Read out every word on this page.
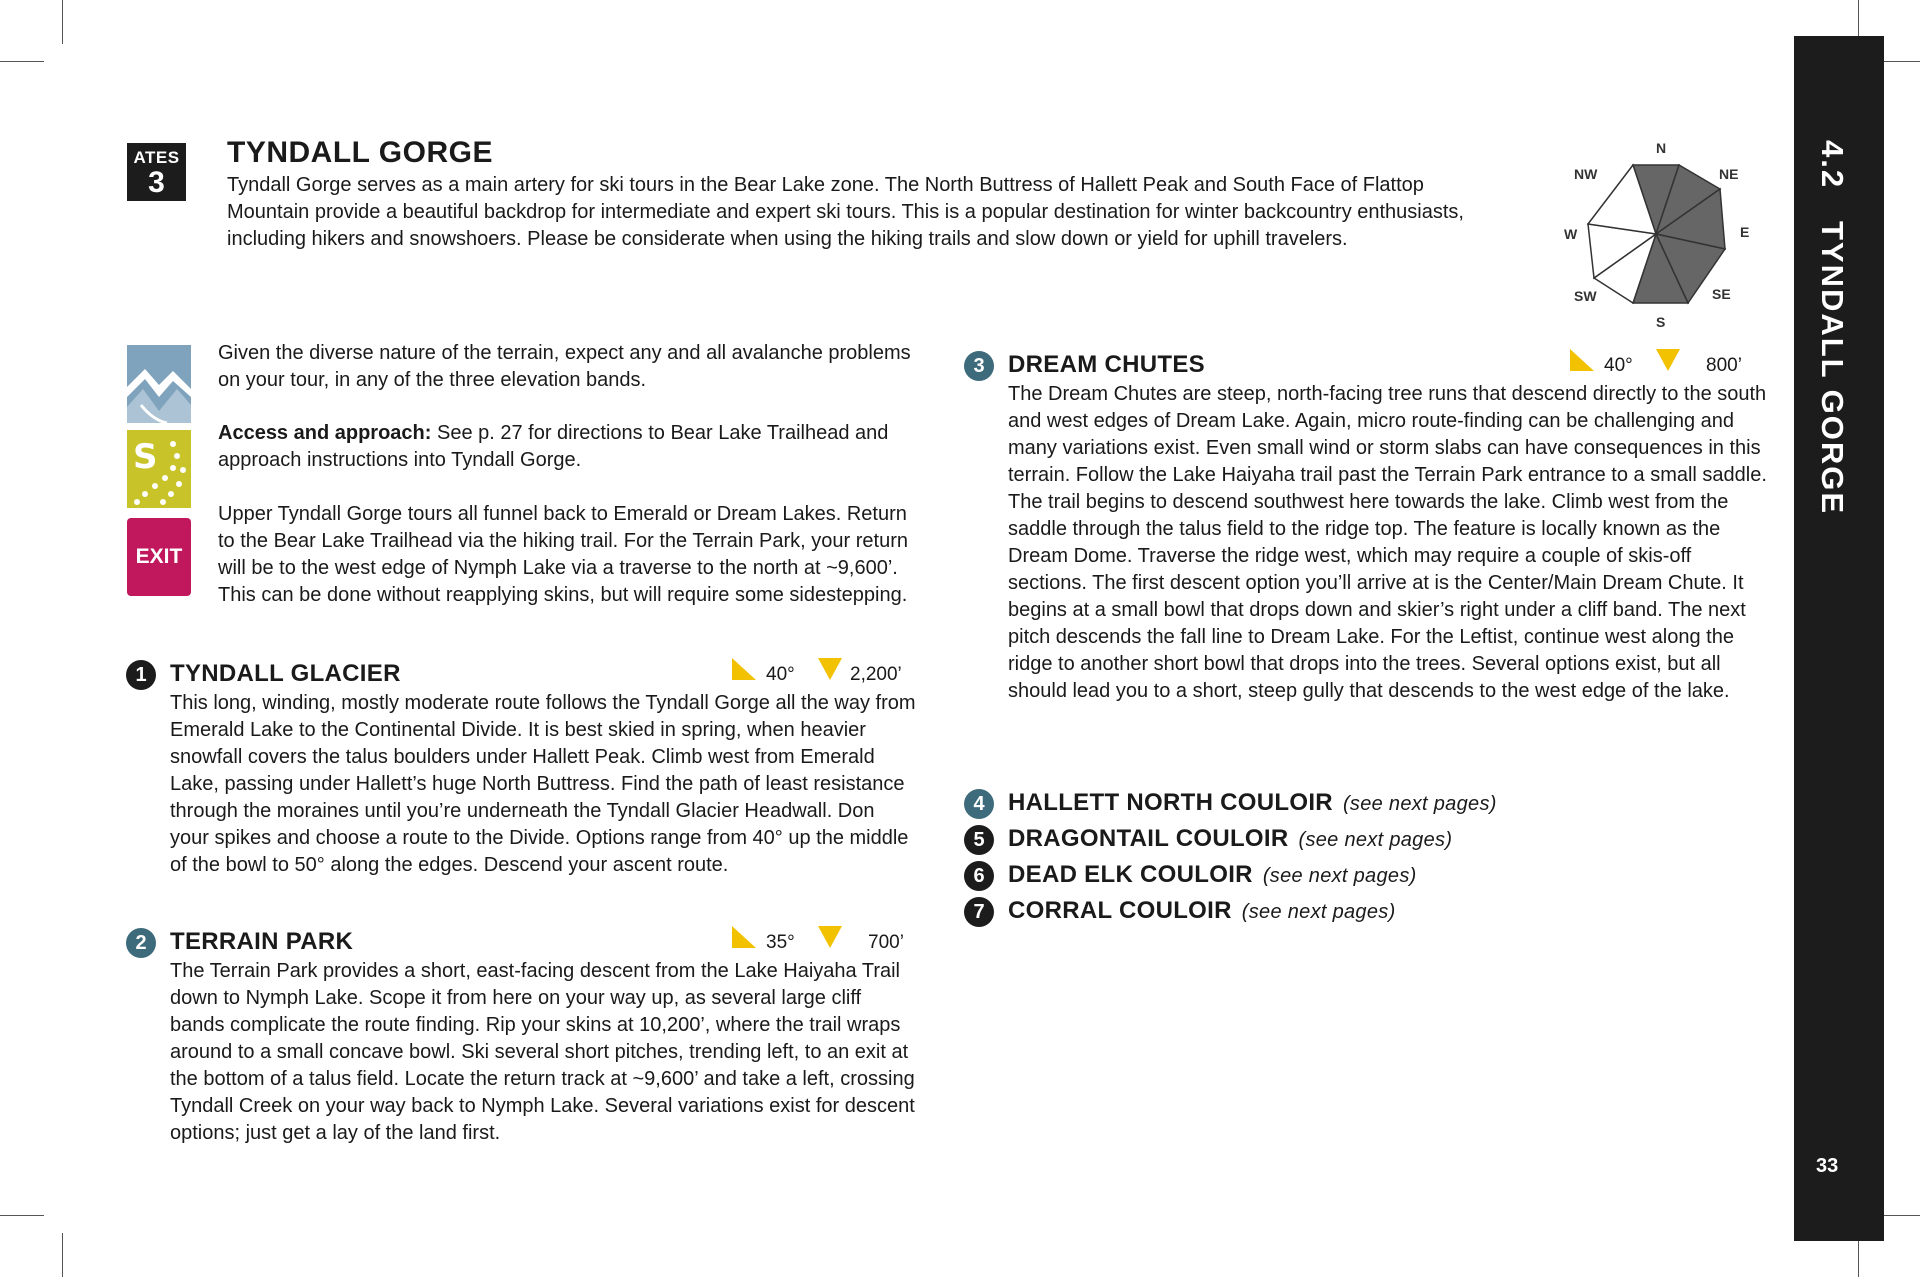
ATES
3
TYNDALL GORGE
Tyndall Gorge serves as a main artery for ski tours in the Bear Lake zone. The North Buttress of Hallett Peak and South Face of Flattop Mountain provide a beautiful backdrop for intermediate and expert ski tours. This is a popular destination for winter backcountry enthusiasts, including hikers and snowshoers. Please be considerate when using the hiking trails and slow down or yield for uphill travelers.
N
NE
E
SE
S
SW
W
NW
S
EXIT
Given the diverse nature of the terrain, expect any and all avalanche problems on your tour, in any of the three elevation bands.
Access and approach: See p. 27 for directions to Bear Lake Trailhead and approach instructions into Tyndall Gorge.
Upper Tyndall Gorge tours all funnel back to Emerald or Dream Lakes. Return to the Bear Lake Trailhead via the hiking trail. For the Terrain Park, your return will be to the west edge of Nymph Lake via a traverse to the north at ~9,600’. This can be done without reapplying skins, but will require some sidestepping.
1 TYNDALL GLACIER	40°	2,200’
This long, winding, mostly moderate route follows the Tyndall Gorge all the way from Emerald Lake to the Continental Divide. It is best skied in spring, when heavier snowfall covers the talus boulders under Hallett Peak. Climb west from Emerald Lake, passing under Hallett’s huge North Buttress. Find the path of least resistance through the moraines until you’re underneath the Tyndall Glacier Headwall. Don your spikes and choose a route to the Divide. Options range from 40° up the middle of the bowl to 50° along the edges. Descend your ascent route.
2 TERRAIN PARK	35°	700’
The Terrain Park provides a short, east-facing descent from the Lake Haiyaha Trail down to Nymph Lake. Scope it from here on your way up, as several large cliff bands complicate the route finding. Rip your skins at 10,200’, where the trail wraps around to a small concave bowl. Ski several short pitches, trending left, to an exit at the bottom of a talus field. Locate the return track at ~9,600’ and take a left, crossing Tyndall Creek on your way back to Nymph Lake. Several variations exist for descent options; just get a lay of the land first.
3 DREAM CHUTES	40°	800’
The Dream Chutes are steep, north-facing tree runs that descend directly to the south and west edges of Dream Lake. Again, micro route-finding can be challenging and many variations exist. Even small wind or storm slabs can have consequences in this terrain. Follow the Lake Haiyaha trail past the Terrain Park entrance to a small saddle. The trail begins to descend southwest here towards the lake. Climb west from the saddle through the talus field to the ridge top. The feature is locally known as the Dream Dome. Traverse the ridge west, which may require a couple of skis-off sections. The first descent option you’ll arrive at is the Center/Main Dream Chute. It begins at a small bowl that drops down and skier’s right under a cliff band. The next pitch descends the fall line to Dream Lake. For the Leftist, continue west along the ridge to another short bowl that drops into the trees. Several options exist, but all should lead you to a short, steep gully that descends to the west edge of the lake.
4 HALLETT NORTH COULOIR (see next pages)
5 DRAGONTAIL COULOIR (see next pages)
6 DEAD ELK COULOIR (see next pages)
7 CORRAL COULOIR (see next pages)
4.2   TYNDALL GORGE
33
